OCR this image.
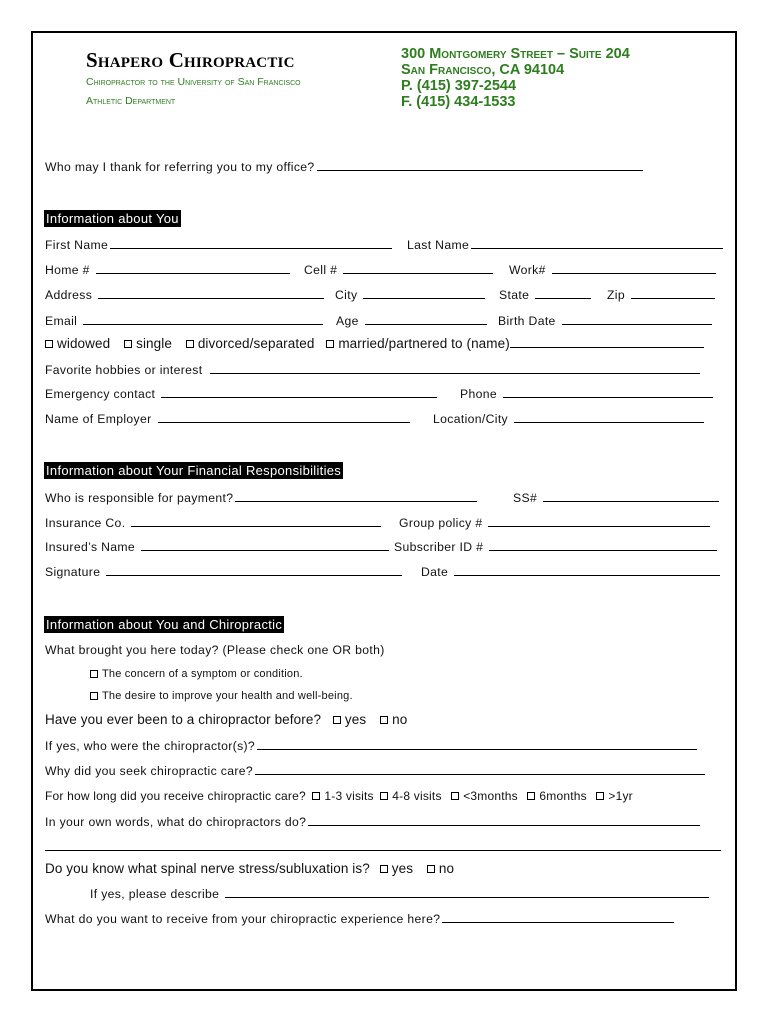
Shapero Chiropractic
Chiropractor to the University of San Francisco
Athletic Department
300 Montgomery Street – Suite 204
San Francisco, CA 94104
P. (415) 397-2544
F. (415) 434-1533
Who may I thank for referring you to my office?
Information about You
First Name	Last Name
Home #	Cell #	Work#
Address	City	State	Zip
Email	Age	Birth Date
widowed single divorced/separated married/partnered to (name)
Favorite hobbies or interest
Emergency contact	Phone
Name of Employer	Location/City
Information about Your Financial Responsibilities
Who is responsible for payment?	SS#
Insurance Co.	Group policy #
Insured’s Name	Subscriber ID #
Signature	Date
Information about You and Chiropractic
What brought you here today? (Please check one OR both)
The concern of a symptom or condition.
The desire to improve your health and well-being.
Have you ever been to a chiropractor before? yes no
If yes, who were the chiropractor(s)?
Why did you seek chiropractic care?
For how long did you receive chiropractic care? 1-3 visits 4-8 visits <3months 6months >1yr
In your own words, what do chiropractors do?
Do you know what spinal nerve stress/subluxation is? yes no
If yes, please describe
What do you want to receive from your chiropractic experience here?
